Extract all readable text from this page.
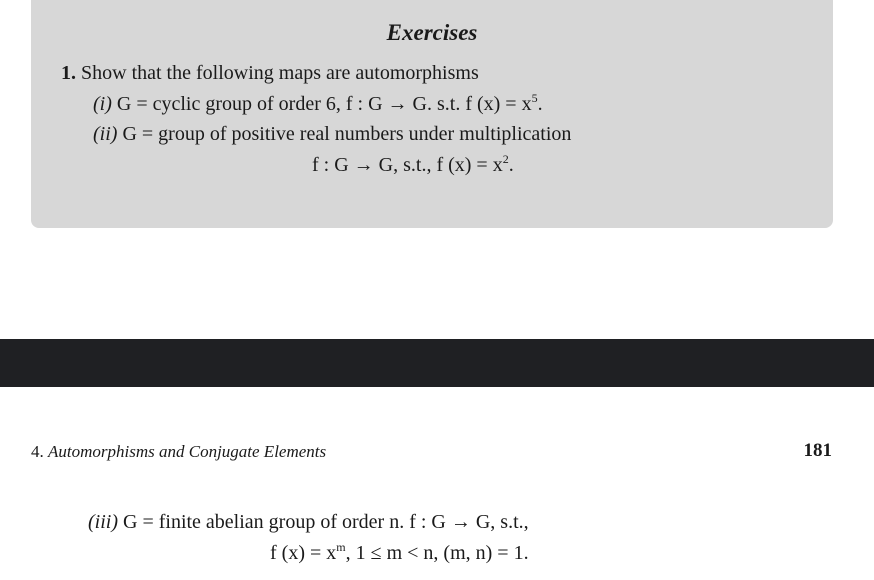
Exercises
1. Show that the following maps are automorphisms
(i) G = cyclic group of order 6, f : G → G. s.t. f $(x) = x^5$.
(ii) G = group of positive real numbers under multiplication
f : G → G, s.t., f $(x) = x^2$.
4. Automorphisms and Conjugate Elements	181
(iii) G = finite abelian group of order n. f : G → G, s.t.,
f $(x) = x^m$, 1 ≤ m < n, (m, n) = 1.
